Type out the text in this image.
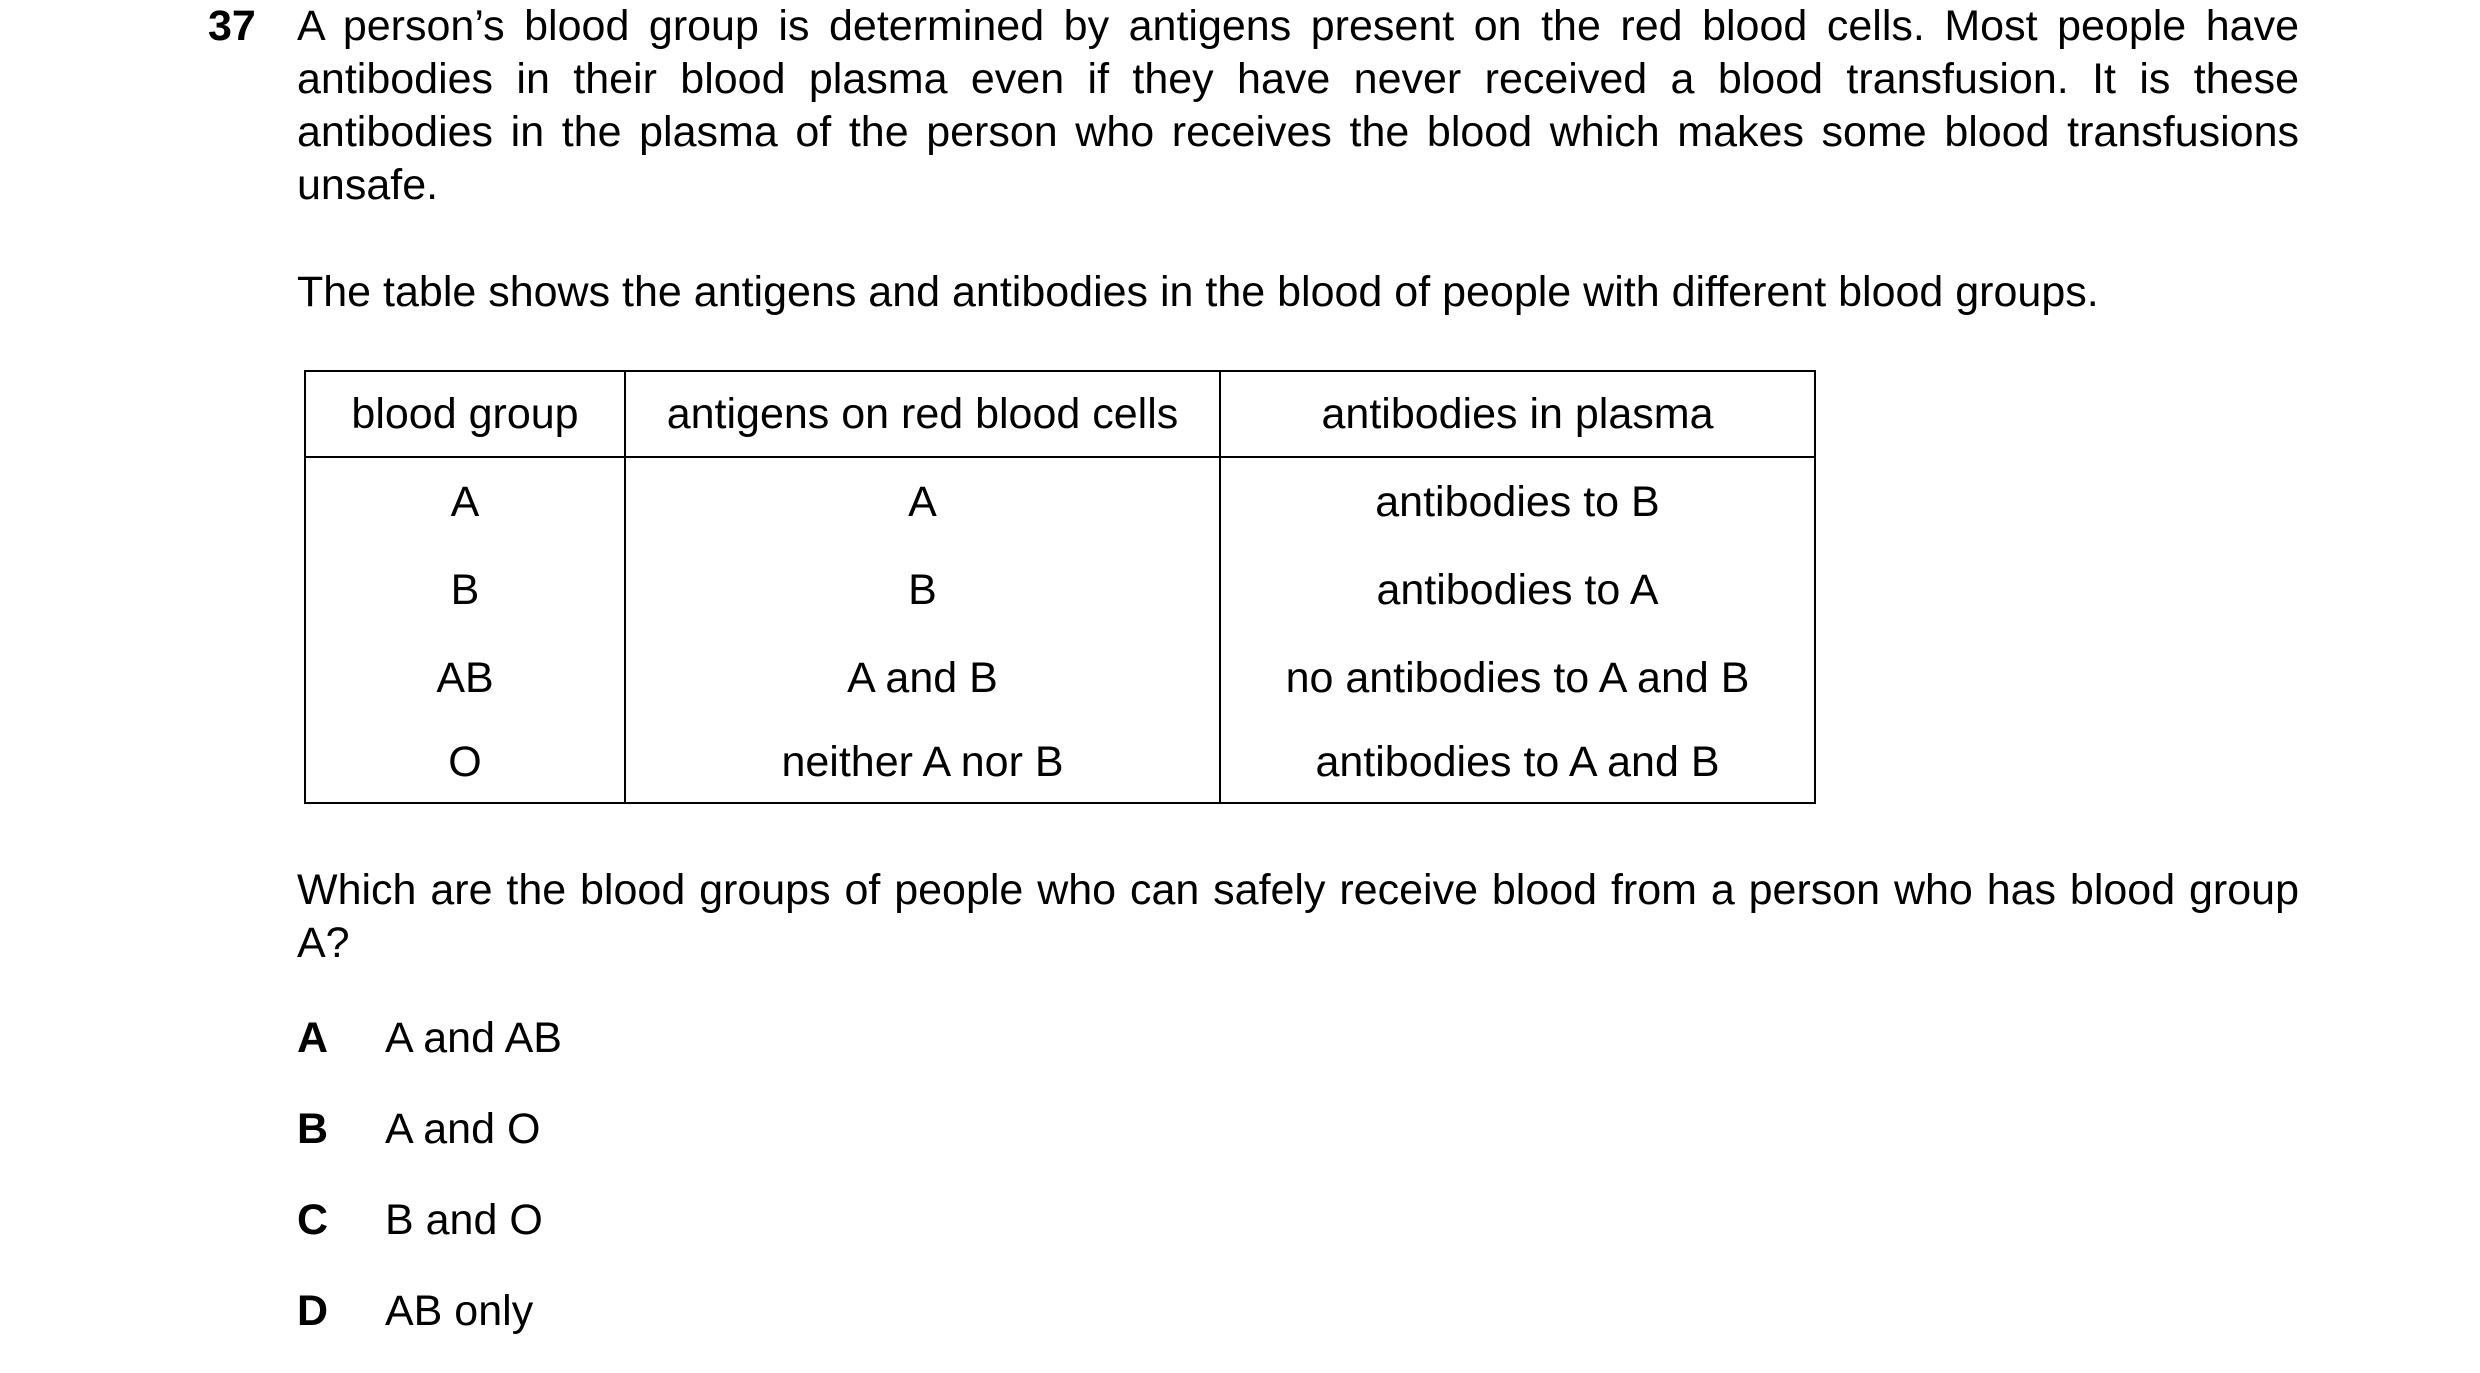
37 A person’s blood group is determined by antigens present on the red blood cells. Most people have antibodies in their blood plasma even if they have never received a blood transfusion. It is these antibodies in the plasma of the person who receives the blood which makes some blood transfusions unsafe.
The table shows the antigens and antibodies in the blood of people with different blood groups.
blood group	antigens on red blood cells	antibodies in plasma
A	A	antibodies to B
B	B	antibodies to A
AB	A and B	no antibodies to A and B
O	neither A nor B	antibodies to A and B
Which are the blood groups of people who can safely receive blood from a person who has blood group A?
A A and AB
B A and O
C B and O
D AB only
